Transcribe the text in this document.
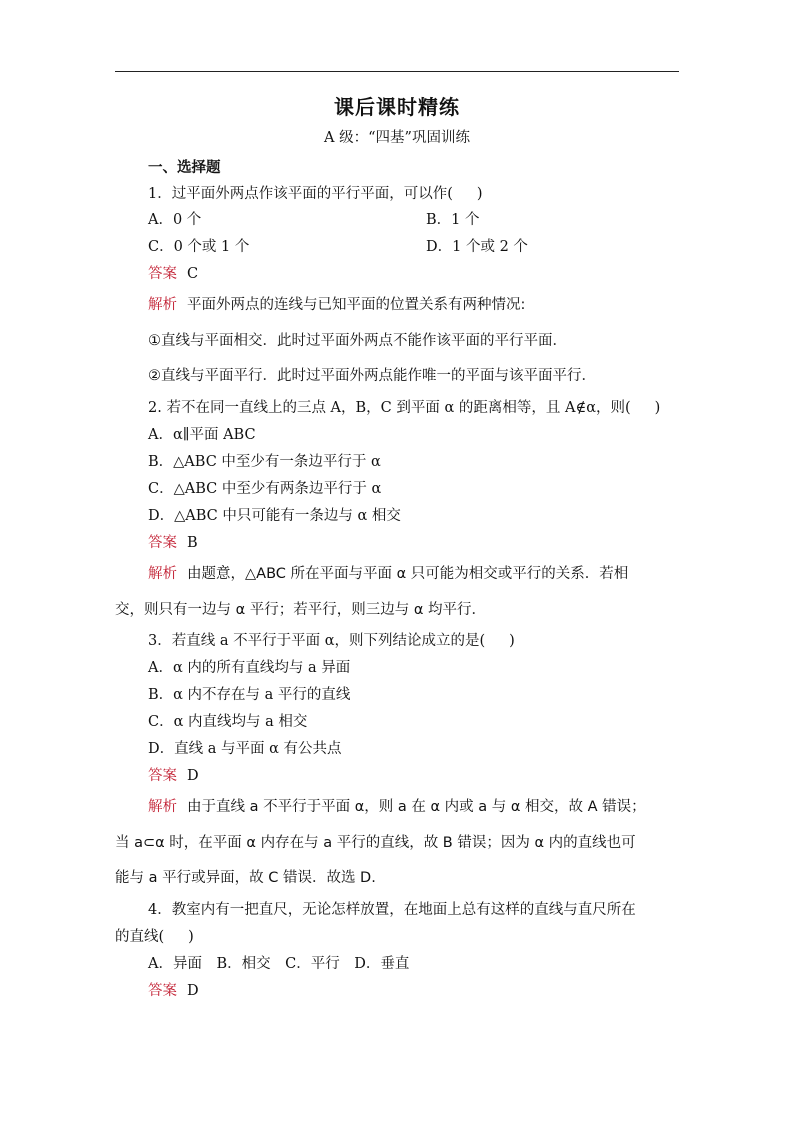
课后课时精练
A 级：“四基”巩固训练
一、选择题
1．过平面外两点作该平面的平行平面，可以作( )
A．0 个	B．1 个
C．0 个或 1 个	D．1 个或 2 个
答案 C
解析 平面外两点的连线与已知平面的位置关系有两种情况:
①直线与平面相交．此时过平面外两点不能作该平面的平行平面．
②直线与平面平行．此时过平面外两点能作唯一的平面与该平面平行．
2. 若不在同一直线上的三点 A，B，C 到平面 α 的距离相等，且 A∉α，则( )
A．α∥平面 ABC
B．△ABC 中至少有一条边平行于 α
C．△ABC 中至少有两条边平行于 α
D．△ABC 中只可能有一条边与 α 相交
答案 B
解析 由题意，△ABC 所在平面与平面 α 只可能为相交或平行的关系．若相
交，则只有一边与 α 平行；若平行，则三边与 α 均平行．
3．若直线 a 不平行于平面 α，则下列结论成立的是( )
A．α 内的所有直线均与 a 异面
B．α 内不存在与 a 平行的直线
C．α 内直线均与 a 相交
D．直线 a 与平面 α 有公共点
答案 D
解析 由于直线 a 不平行于平面 α，则 a 在 α 内或 a 与 α 相交，故 A 错误；
当 a⊂α 时，在平面 α 内存在与 a 平行的直线，故 B 错误；因为 α 内的直线也可
能与 a 平行或异面，故 C 错误．故选 D.
4．教室内有一把直尺，无论怎样放置，在地面上总有这样的直线与直尺所在
的直线( )
A．异面　B．相交　C．平行　D．垂直
答案 D
